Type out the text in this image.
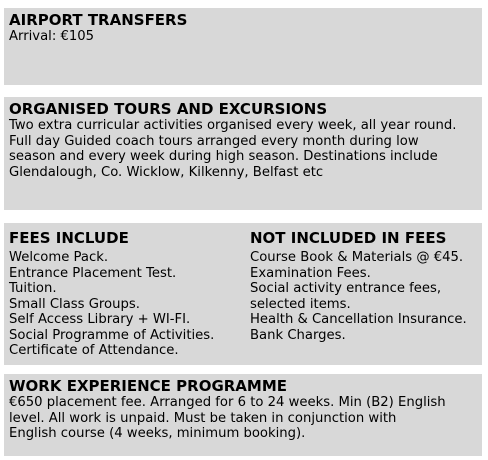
AIRPORT TRANSFERS
Arrival: €105
ORGANISED TOURS AND EXCURSIONS
Two extra curricular activities organised every week, all year round.
Full day Guided coach tours arranged every month during low
season and every week during high season. Destinations include
Glendalough, Co. Wicklow, Kilkenny, Belfast etc
FEES INCLUDE
Welcome Pack.
Entrance Placement Test.
Tuition.
Small Class Groups.
Self Access Library + WI-FI.
Social Programme of Activities.
Certificate of Attendance.
NOT INCLUDED IN FEES
Course Book & Materials @ €45.
Examination Fees.
Social activity entrance fees,
selected items.
Health & Cancellation Insurance.
Bank Charges.
WORK EXPERIENCE PROGRAMME
€650 placement fee. Arranged for 6 to 24 weeks. Min (B2) English
level. All work is unpaid. Must be taken in conjunction with
English course (4 weeks, minimum booking).
